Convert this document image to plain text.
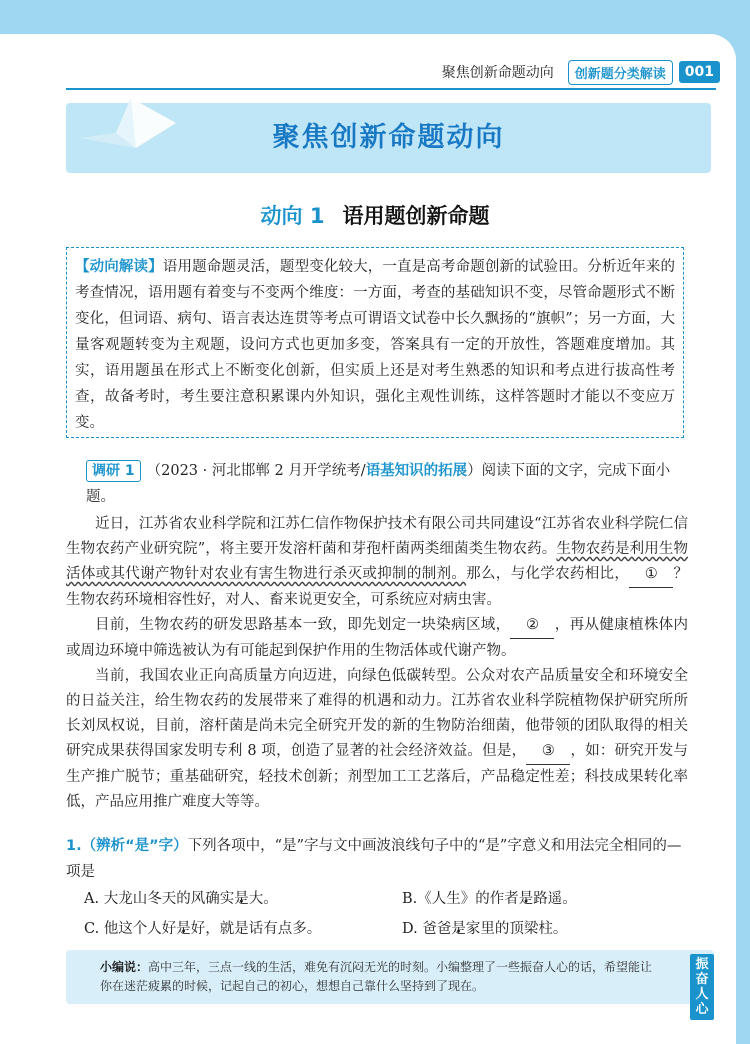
聚焦创新命题动向	创新题分类解读	001
聚焦创新命题动向
动向 1 语用题创新命题
【动向解读】语用题命题灵活，题型变化较大，一直是高考命题创新的试验田。分析近年来的考查情况，语用题有着变与不变两个维度：一方面，考查的基础知识不变，尽管命题形式不断变化，但词语、病句、语言表达连贯等考点可谓语文试卷中长久飘扬的“旗帜”；另一方面，大量客观题转变为主观题，设问方式也更加多变，答案具有一定的开放性，答题难度增加。其实，语用题虽在形式上不断变化创新，但实质上还是对考生熟悉的知识和考点进行拔高性考查，故备考时，考生要注意积累课内外知识，强化主观性训练，这样答题时才能以不变应万变。
调研 1 （2023 · 河北邯郸 2 月开学统考/语基知识的拓展）阅读下面的文字，完成下面小题。

近日，江苏省农业科学院和江苏仁信作物保护技术有限公司共同建设“江苏省农业科学院仁信生物农药产业研究院”，将主要开发溶杆菌和芽孢杆菌两类细菌类生物农药。生物农药是利用生物活体或其代谢产物针对农业有害生物进行杀灭或抑制的制剂。那么，与化学农药相比， ① ？生物农药环境相容性好，对人、畜来说更安全，可系统应对病虫害。

目前，生物农药的研发思路基本一致，即先划定一块染病区域， ② ，再从健康植株体内或周边环境中筛选被认为有可能起到保护作用的生物活体或代谢产物。

当前，我国农业正向高质量方向迈进，向绿色低碳转型。公众对农产品质量安全和环境安全的日益关注，给生物农药的发展带来了难得的机遇和动力。江苏省农业科学院植物保护研究所所长刘凤权说，目前，溶杆菌是尚未完全研究开发的新的生物防治细菌，他带领的团队取得的相关研究成果获得国家发明专利 8 项，创造了显著的社会经济效益。但是， ③ ，如：研究开发与生产推广脱节；重基础研究，轻技术创新；剂型加工工艺落后，产品稳定性差；科技成果转化率低，产品应用推广难度大等等。

1.（辨析“是”字）下列各项中，“是”字与文中画波浪线句子中的“是”字意义和用法完全相同的—项是
A. 大龙山冬天的风确实是大。	B.《人生》的作者是路遥。
C. 他这个人好是好，就是话有点多。	D. 爸爸是家里的顶梁柱。
小编说：高中三年，三点一线的生活，难免有沉闷无光的时刻。小编整理了一些振奋人心的话，希望能让你在迷茫疲累的时候，记起自己的初心，想想自己靠什么坚持到了现在。
振
奋
人
心
